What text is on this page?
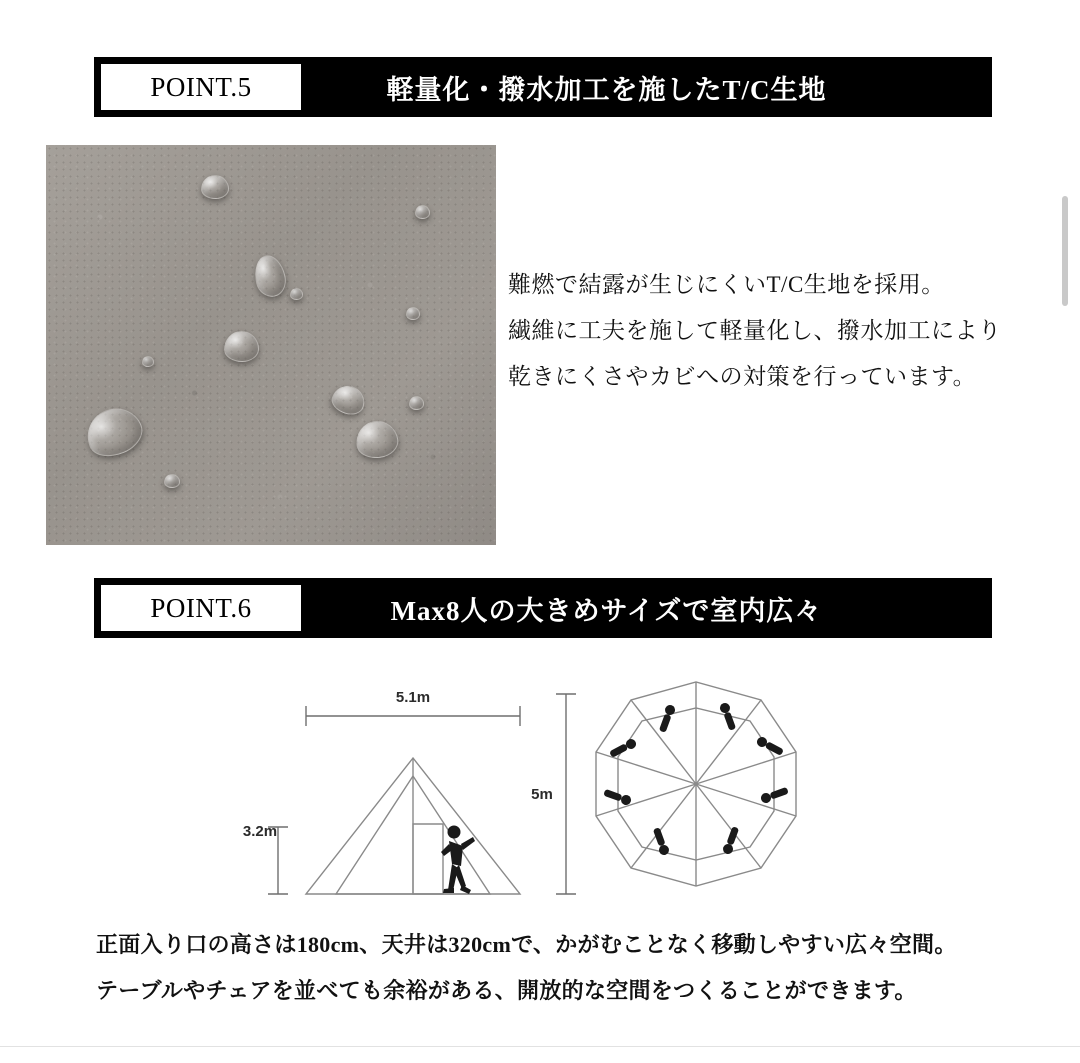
POINT.5	軽量化・撥水加工を施したT/C生地
難燃で結露が生じにくいT/C生地を採用。
繊維に工夫を施して軽量化し、撥水加工により
乾きにくさやカビへの対策を行っています。
POINT.6	Max8人の大きめサイズで室内広々
5.1m
3.2m
5m
正面入り口の高さは180cm、天井は320cmで、かがむことなく移動しやすい広々空間。
テーブルやチェアを並べても余裕がある、開放的な空間をつくることができます。
